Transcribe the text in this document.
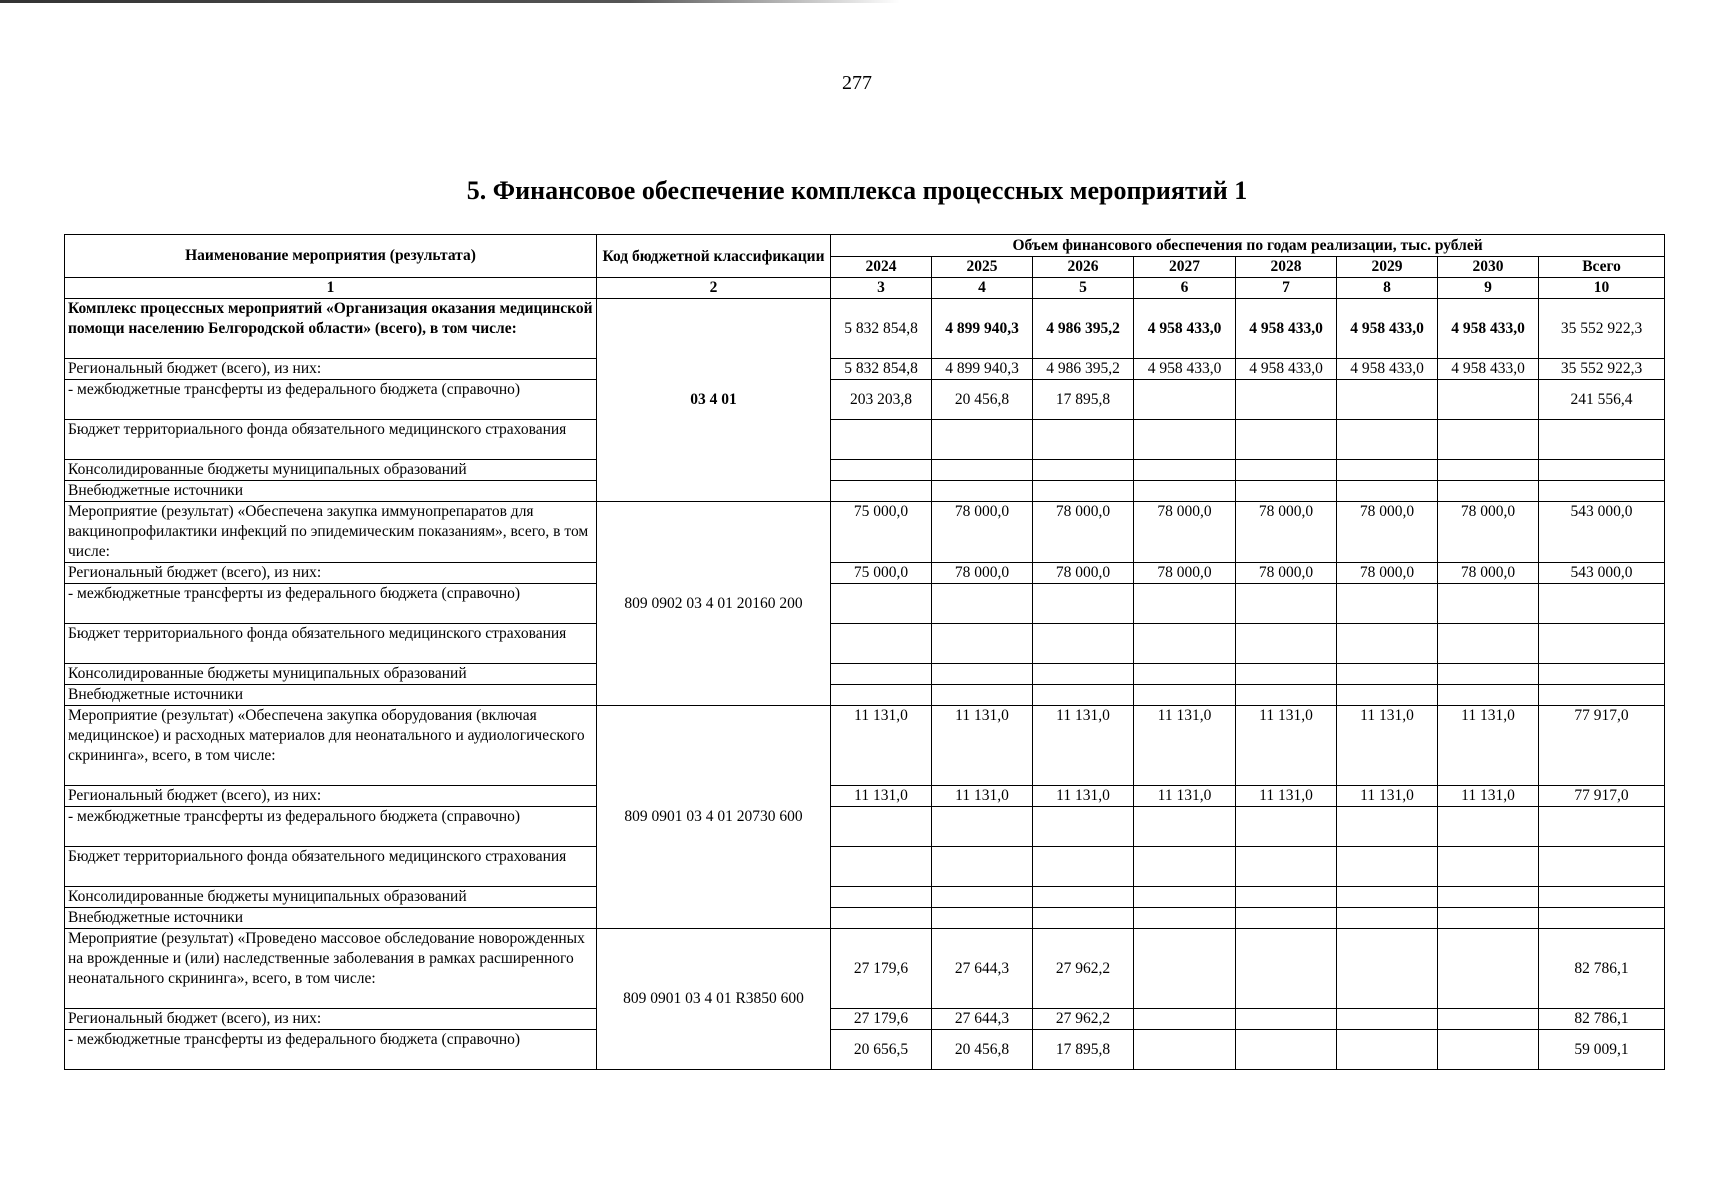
277
5. Финансовое обеспечение комплекса процессных мероприятий 1
Наименование мероприятия (результата)	Код бюджетной классификации	Объем финансового обеспечения по годам реализации, тыс. рублей							
		2024	2025	2026	2027	2028	2029	2030	Всего
1	2	3	4	5	6	7	8	9	10
Комплекс процессных мероприятий «Организация оказания медицинской помощи населению Белгородской области» (всего), в том числе:	03 4 01	5 832 854,8	4 899 940,3	4 986 395,2	4 958 433,0	4 958 433,0	4 958 433,0	4 958 433,0	35 552 922,3
Региональный бюджет (всего), из них:		5 832 854,8	4 899 940,3	4 986 395,2	4 958 433,0	4 958 433,0	4 958 433,0	4 958 433,0	35 552 922,3
- межбюджетные трансферты из федерального бюджета (справочно)		203 203,8	20 456,8	17 895,8					241 556,4
Бюджет территориального фонда обязательного медицинского страхования									
Консолидированные бюджеты муниципальных образований									
Внебюджетные источники									
Мероприятие (результат) «Обеспечена закупка иммунопрепаратов для вакцинопрофилактики инфекций по эпидемическим показаниям», всего, в том числе:	809 0902 03 4 01 20160 200	75 000,0	78 000,0	78 000,0	78 000,0	78 000,0	78 000,0	78 000,0	543 000,0
Региональный бюджет (всего), из них:		75 000,0	78 000,0	78 000,0	78 000,0	78 000,0	78 000,0	78 000,0	543 000,0
- межбюджетные трансферты из федерального бюджета (справочно)									
Бюджет территориального фонда обязательного медицинского страхования									
Консолидированные бюджеты муниципальных образований									
Внебюджетные источники									
Мероприятие (результат) «Обеспечена закупка оборудования (включая медицинское) и расходных материалов для неонатального и аудиологического скрининга», всего, в том числе:	809 0901 03 4 01 20730 600	11 131,0	11 131,0	11 131,0	11 131,0	11 131,0	11 131,0	11 131,0	77 917,0
Региональный бюджет (всего), из них:		11 131,0	11 131,0	11 131,0	11 131,0	11 131,0	11 131,0	11 131,0	77 917,0
- межбюджетные трансферты из федерального бюджета (справочно)									
Бюджет территориального фонда обязательного медицинского страхования									
Консолидированные бюджеты муниципальных образований									
Внебюджетные источники									
Мероприятие (результат) «Проведено массовое обследование новорожденных на врожденные и (или) наследственные заболевания в рамках расширенного неонатального скрининга», всего, в том числе:	809 0901 03 4 01 R3850 600	27 179,6	27 644,3	27 962,2					82 786,1
Региональный бюджет (всего), из них:		27 179,6	27 644,3	27 962,2					82 786,1
- межбюджетные трансферты из федерального бюджета (справочно)		20 656,5	20 456,8	17 895,8					59 009,1
